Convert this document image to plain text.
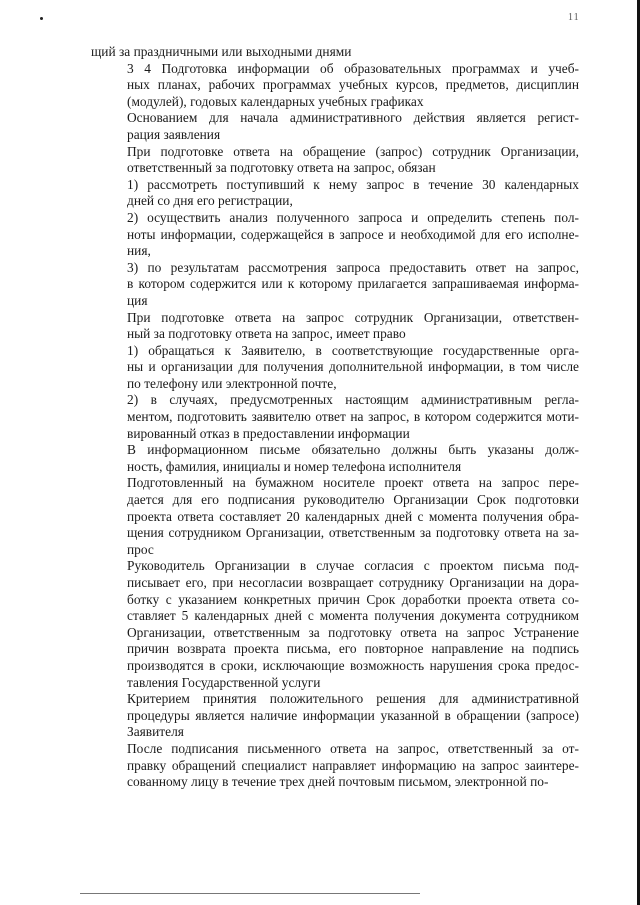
11
щий за праздничными или выходными днями
3 4 Подготовка информации об образовательных программах и учеб-
ных планах, рабочих программах учебных курсов, предметов, дисциплин
(модулей), годовых календарных учебных графиках
Основанием для начала административного действия является регист-
рация заявления
При подготовке ответа на обращение (запрос) сотрудник Организации,
ответственный за подготовку ответа на запрос, обязан
1) рассмотреть поступивший к нему запрос в течение 30 календарных
дней со дня его регистрации,
2) осуществить анализ полученного запроса и определить степень пол-
ноты информации, содержащейся в запросе и необходимой для его исполне-
ния,
3) по результатам рассмотрения запроса предоставить ответ на запрос,
в котором содержится или к которому прилагается запрашиваемая информа-
ция
При подготовке ответа на запрос сотрудник Организации, ответствен-
ный за подготовку ответа на запрос, имеет право
1) обращаться к Заявителю, в соответствующие государственные орга-
ны и организации для получения дополнительной информации, в том числе
по телефону или электронной почте,
2) в случаях, предусмотренных настоящим административным регла-
ментом, подготовить заявителю ответ на запрос, в котором содержится моти-
вированный отказ в предоставлении информации
В информационном письме обязательно должны быть указаны долж-
ность, фамилия, инициалы и номер телефона исполнителя
Подготовленный на бумажном носителе проект ответа на запрос пере-
дается для его подписания руководителю Организации Срок подготовки
проекта ответа составляет 20 календарных дней с момента получения обра-
щения сотрудником Организации, ответственным за подготовку ответа на за-
прос
Руководитель Организации в случае согласия с проектом письма под-
писывает его, при несогласии возвращает сотруднику Организации на дора-
ботку с указанием конкретных причин Срок доработки проекта ответа со-
ставляет 5 календарных дней с момента получения документа сотрудником
Организации, ответственным за подготовку ответа на запрос Устранение
причин возврата проекта письма, его повторное направление на подпись
производятся в сроки, исключающие возможность нарушения срока предос-
тавления Государственной услуги
Критерием принятия положительного решения для административной
процедуры является наличие информации указанной в обращении (запросе)
Заявителя
После подписания письменного ответа на запрос, ответственный за от-
правку обращений специалист направляет информацию на запрос заинтере-
сованному лицу в течение трех дней почтовым письмом, электронной по-
